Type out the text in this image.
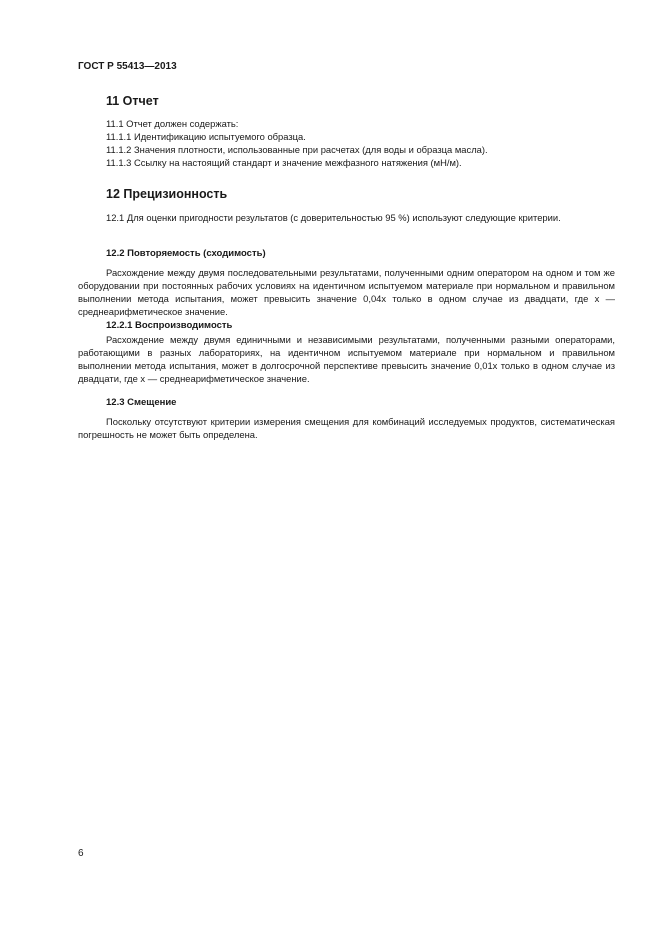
ГОСТ Р 55413—2013
11 Отчет
11.1 Отчет должен содержать:
11.1.1 Идентификацию испытуемого образца.
11.1.2 Значения плотности, использованные при расчетах (для воды и образца масла).
11.1.3 Ссылку на настоящий стандарт и значение межфазного натяжения (мН/м).
12 Прецизионность

12.1 Для оценки пригодности результатов (с доверительностью 95 %) используют следующие критерии.

12.2 Повторяемость (сходимость)

Расхождение между двумя последовательными результатами, полученными одним оператором на одном и том же оборудовании при постоянных рабочих условиях на идентичном испытуемом материале при нормальном и правильном выполнении метода испытания, может превысить значение 0,04x только в одном случае из двадцати, где x — среднеарифметическое значение.

12.2.1 Воспроизводимость

Расхождение между двумя единичными и независимыми результатами, полученными разными операторами, работающими в разных лабораториях, на идентичном испытуемом материале при нормальном и правильном выполнении метода испытания, может в долгосрочной перспективе превысить значение 0,01x только в одном случае из двадцати, где x — среднеарифметическое значение.

12.3 Смещение

Поскольку отсутствуют критерии измерения смещения для комбинаций исследуемых продуктов, систематическая погрешность не может быть определена.

6
